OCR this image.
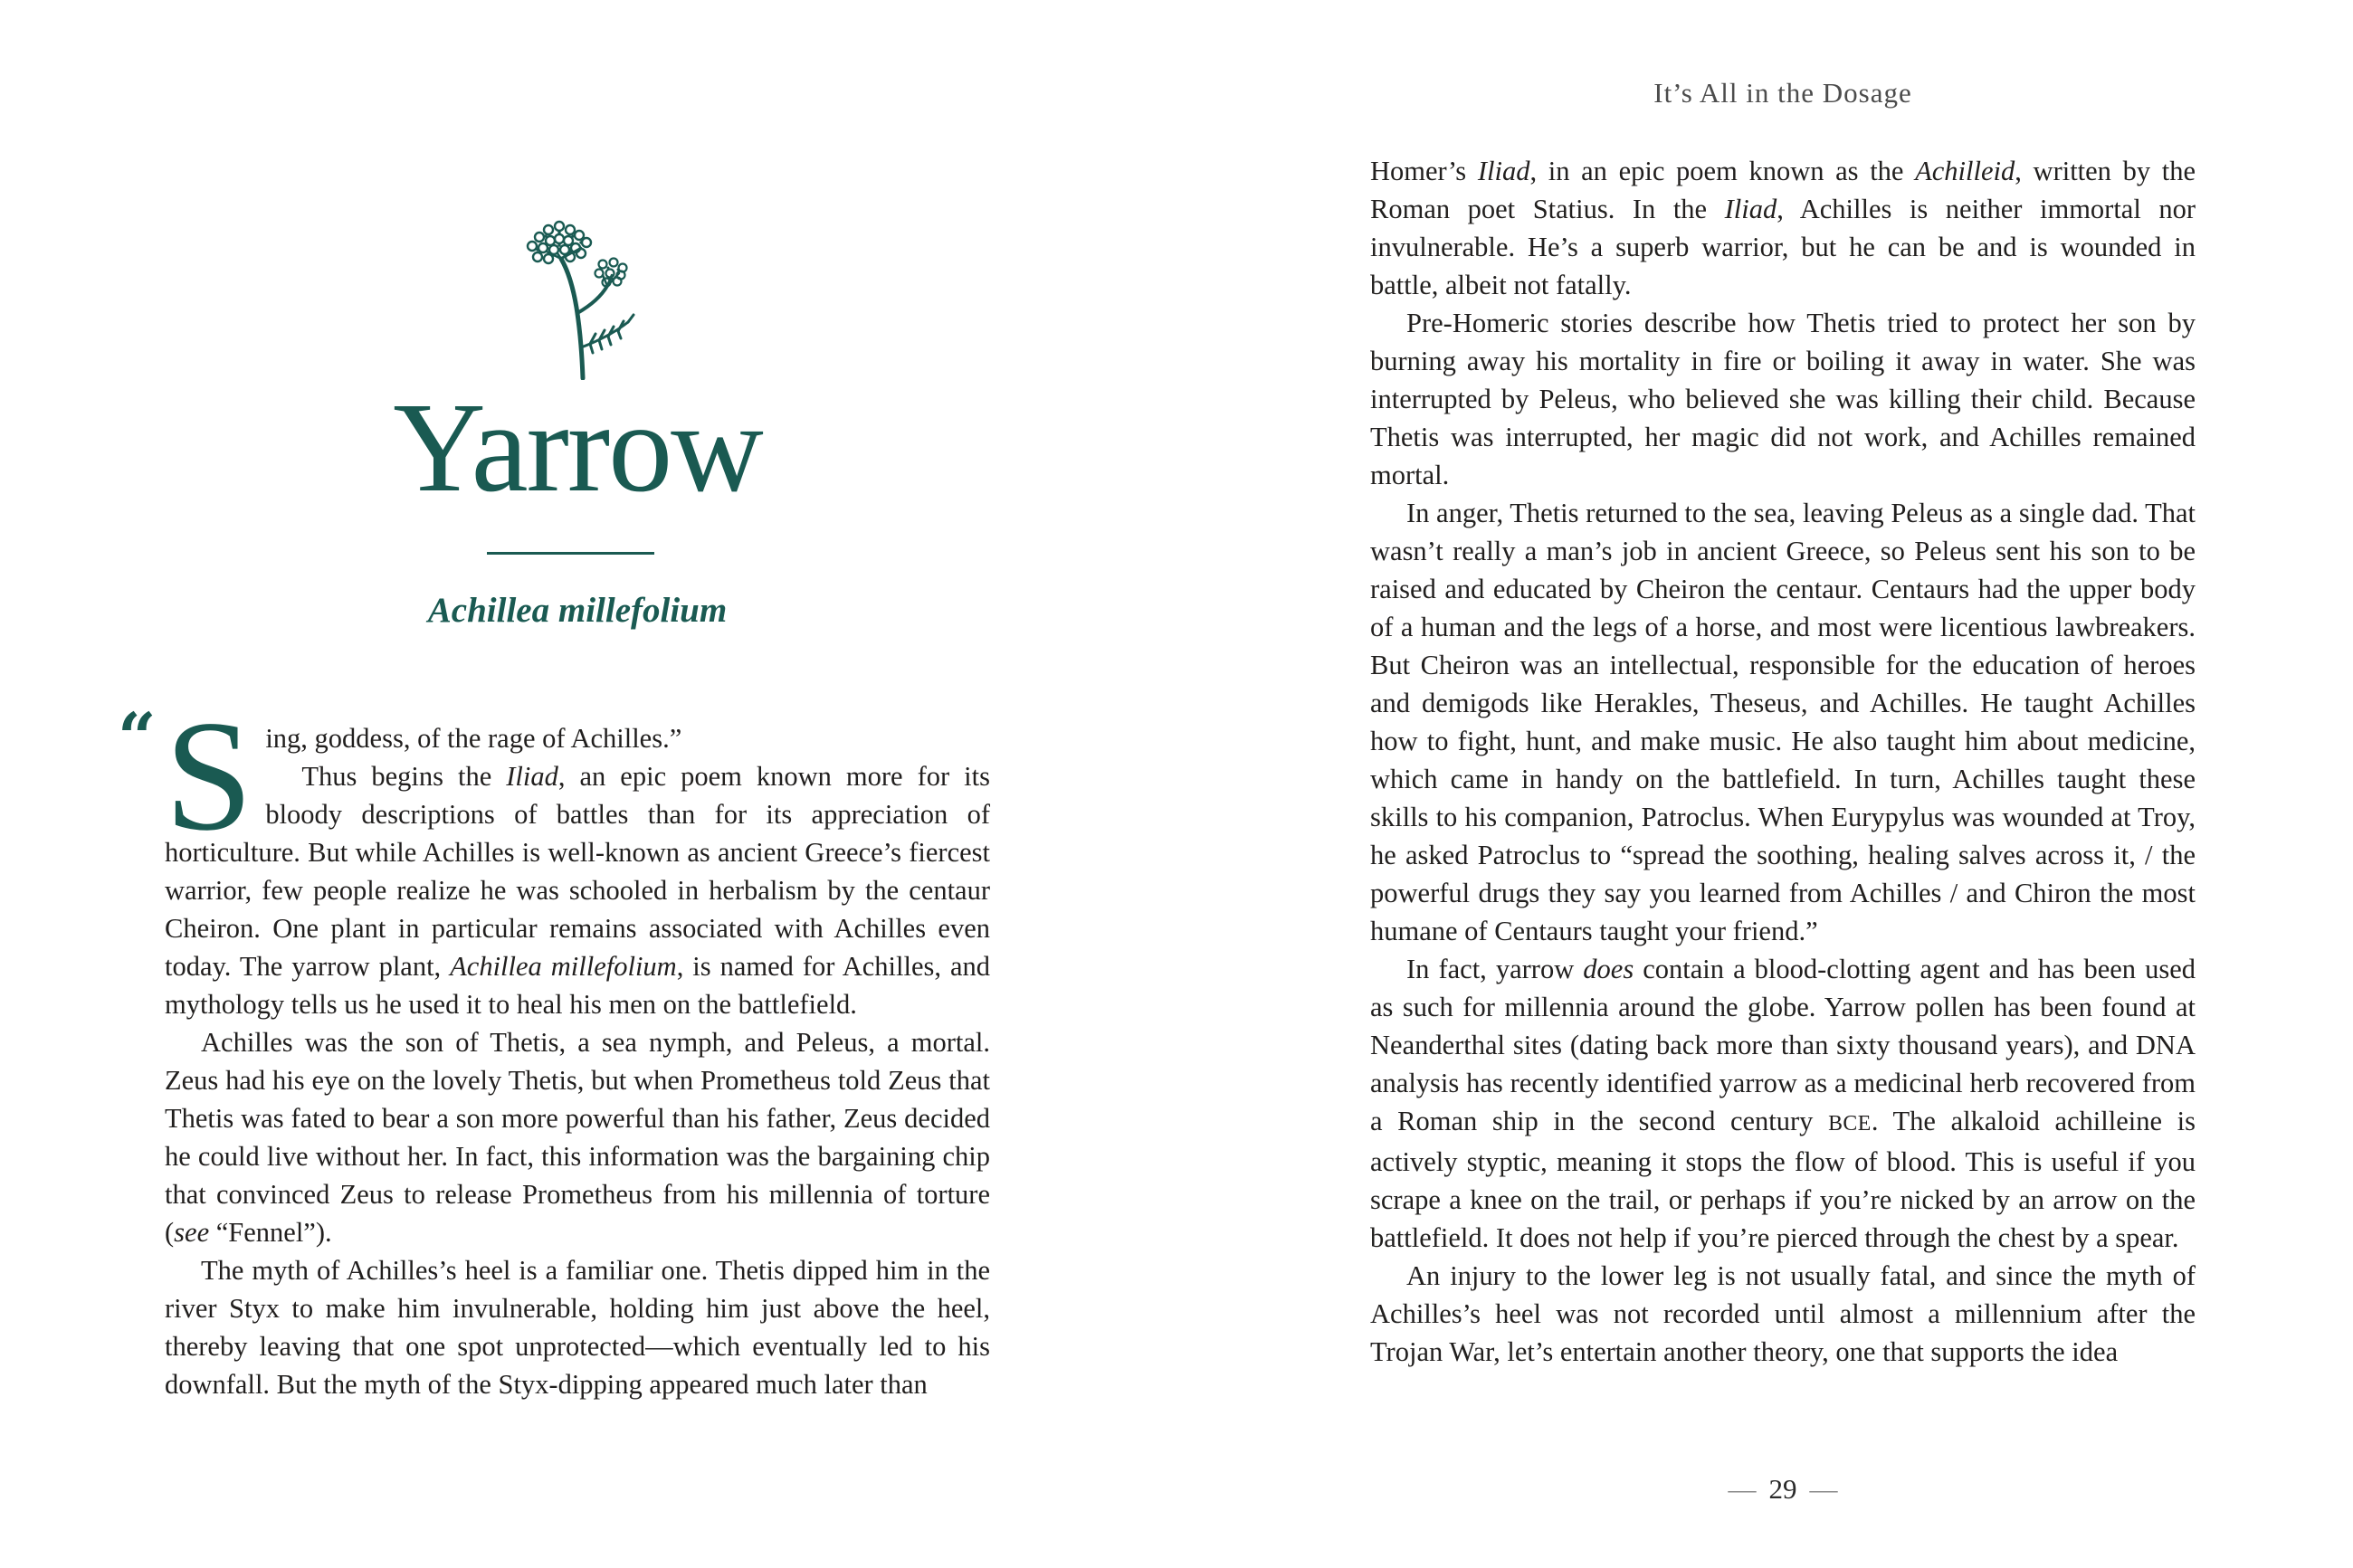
Yarrow
Achillea millefolium
“ S ing, goddess, of the rage of Achilles.”

Thus begins the Iliad, an epic poem known more for its bloody descriptions of battles than for its appreciation of horticulture. But while Achilles is well-known as ancient Greece’s fiercest warrior, few people realize he was schooled in herbalism by the centaur Cheiron. One plant in particular remains associated with Achilles even today. The yarrow plant, Achillea millefolium, is named for Achilles, and mythology tells us he used it to heal his men on the battlefield.

Achilles was the son of Thetis, a sea nymph, and Peleus, a mortal. Zeus had his eye on the lovely Thetis, but when Prometheus told Zeus that Thetis was fated to bear a son more powerful than his father, Zeus decided he could live without her. In fact, this information was the bargaining chip that convinced Zeus to release Prometheus from his millennia of torture (see “Fennel”).

The myth of Achilles’s heel is a familiar one. Thetis dipped him in the river Styx to make him invulnerable, holding him just above the heel, thereby leaving that one spot unprotected—which eventually led to his downfall. But the myth of the Styx-dipping appeared much later than

It’s All in the Dosage

Homer’s Iliad, in an epic poem known as the Achilleid, written by the Roman poet Statius. In the Iliad, Achilles is neither immortal nor invulnerable. He’s a superb warrior, but he can be and is wounded in battle, albeit not fatally.

Pre-Homeric stories describe how Thetis tried to protect her son by burning away his mortality in fire or boiling it away in water. She was interrupted by Peleus, who believed she was killing their child. Because Thetis was interrupted, her magic did not work, and Achilles remained mortal.

In anger, Thetis returned to the sea, leaving Peleus as a single dad. That wasn’t really a man’s job in ancient Greece, so Peleus sent his son to be raised and educated by Cheiron the centaur. Centaurs had the upper body of a human and the legs of a horse, and most were licentious lawbreakers. But Cheiron was an intellectual, responsible for the education of heroes and demigods like Herakles, Theseus, and Achilles. He taught Achilles how to fight, hunt, and make music. He also taught him about medicine, which came in handy on the battlefield. In turn, Achilles taught these skills to his companion, Patroclus. When Eurypylus was wounded at Troy, he asked Patroclus to “spread the soothing, healing salves across it, / the powerful drugs they say you learned from Achilles / and Chiron the most humane of Centaurs taught your friend.”

In fact, yarrow does contain a blood-clotting agent and has been used as such for millennia around the globe. Yarrow pollen has been found at Neanderthal sites (dating back more than sixty thousand years), and DNA analysis has recently identified yarrow as a medicinal herb recovered from a Roman ship in the second century BCE. The alkaloid achilleine is actively styptic, meaning it stops the flow of blood. This is useful if you scrape a knee on the trail, or perhaps if you’re nicked by an arrow on the battlefield. It does not help if you’re pierced through the chest by a spear.

An injury to the lower leg is not usually fatal, and since the myth of Achilles’s heel was not recorded until almost a millennium after the Trojan War, let’s entertain another theory, one that supports the idea

— 29 —
